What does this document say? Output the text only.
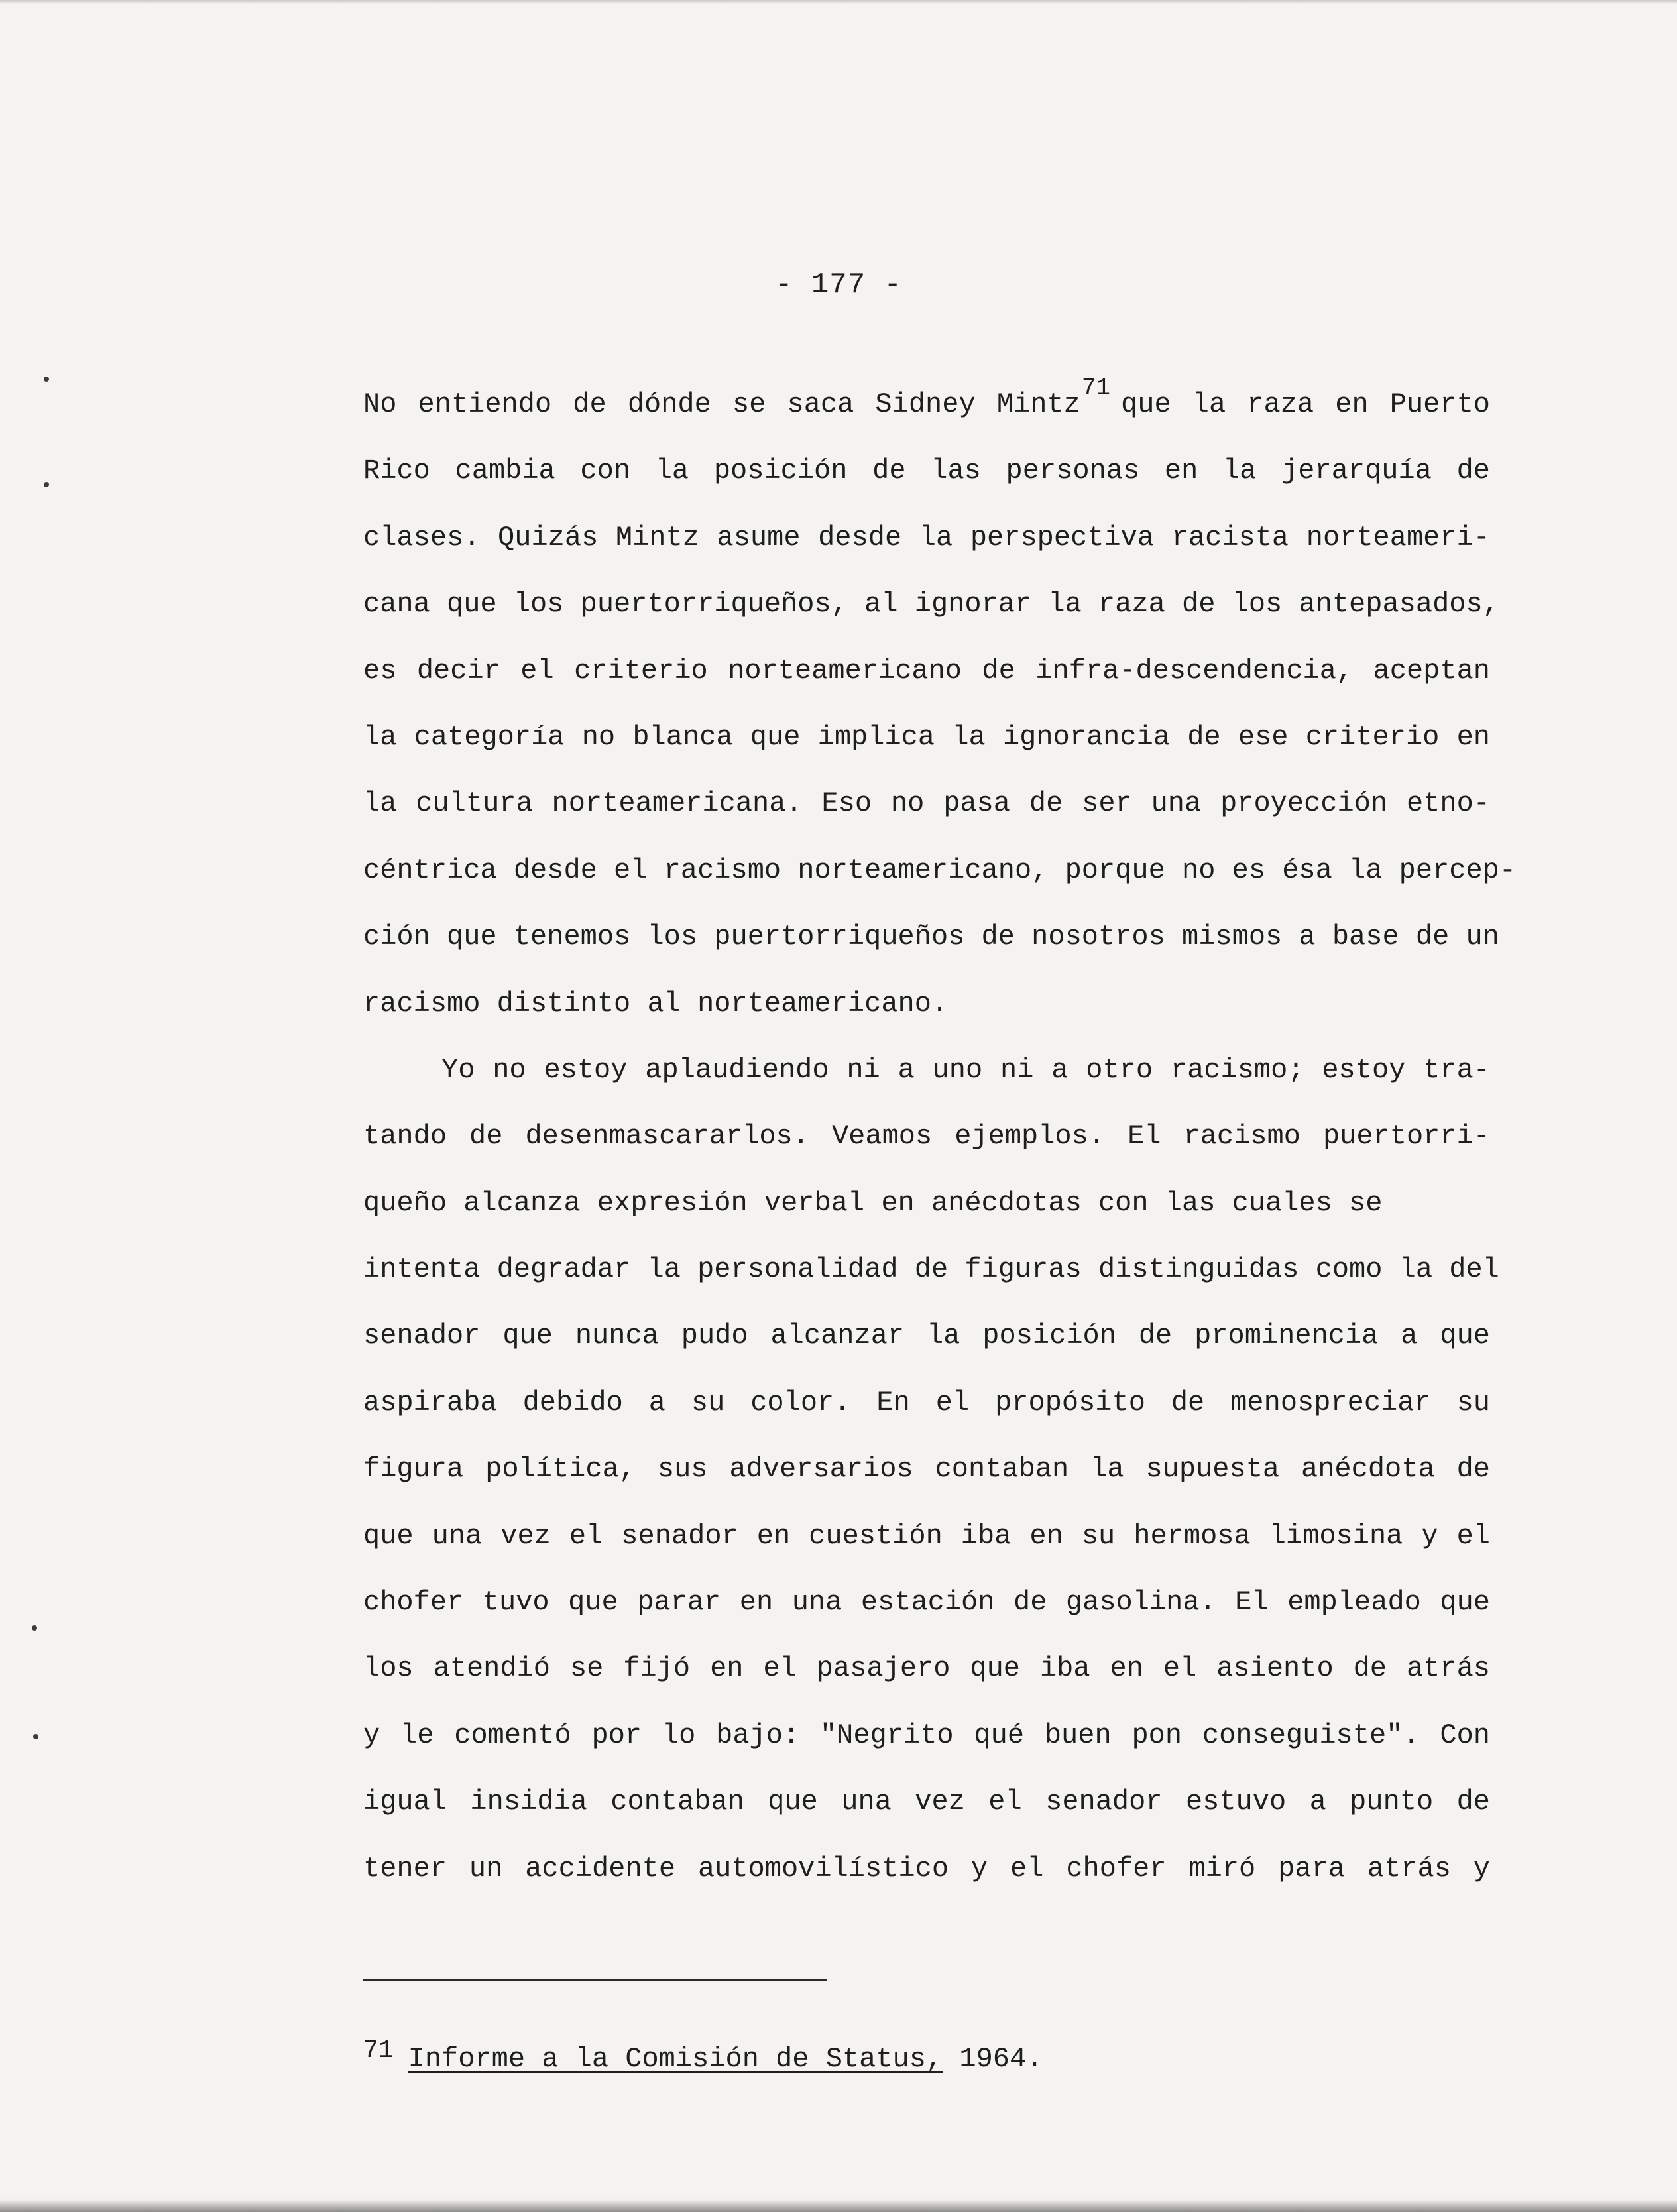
- 177 -
No entiendo de dónde se saca Sidney Mintz71que la raza en Puerto
Rico cambia con la posición de las personas en la jerarquía de
clases. Quizás Mintz asume desde la perspectiva racista norteameri-
cana que los puertorriqueños, al ignorar la raza de los antepasados,
es decir el criterio norteamericano de infra-descendencia, aceptan
la categoría no blanca que implica la ignorancia de ese criterio en
la cultura norteamericana. Eso no pasa de ser una proyección etno-
céntrica desde el racismo norteamericano, porque no es ésa la percep-
ción que tenemos los puertorriqueños de nosotros mismos a base de un
racismo distinto al norteamericano.
Yo no estoy aplaudiendo ni a uno ni a otro racismo; estoy tra-
tando de desenmascararlos. Veamos ejemplos. El racismo puertorri-
queño alcanza expresión verbal en anécdotas con las cuales se
intenta degradar la personalidad de figuras distinguidas como la del
senador que nunca pudo alcanzar la posición de prominencia a que
aspiraba debido a su color. En el propósito de menospreciar su
figura política, sus adversarios contaban la supuesta anécdota de
que una vez el senador en cuestión iba en su hermosa limosina y el
chofer tuvo que parar en una estación de gasolina. El empleado que
los atendió se fijó en el pasajero que iba en el asiento de atrás
y le comentó por lo bajo: "Negrito qué buen pon conseguiste". Con
igual insidia contaban que una vez el senador estuvo a punto de
tener un accidente automovilístico y el chofer miró para atrás y
71 Informe a la Comisión de Status, 1964.
